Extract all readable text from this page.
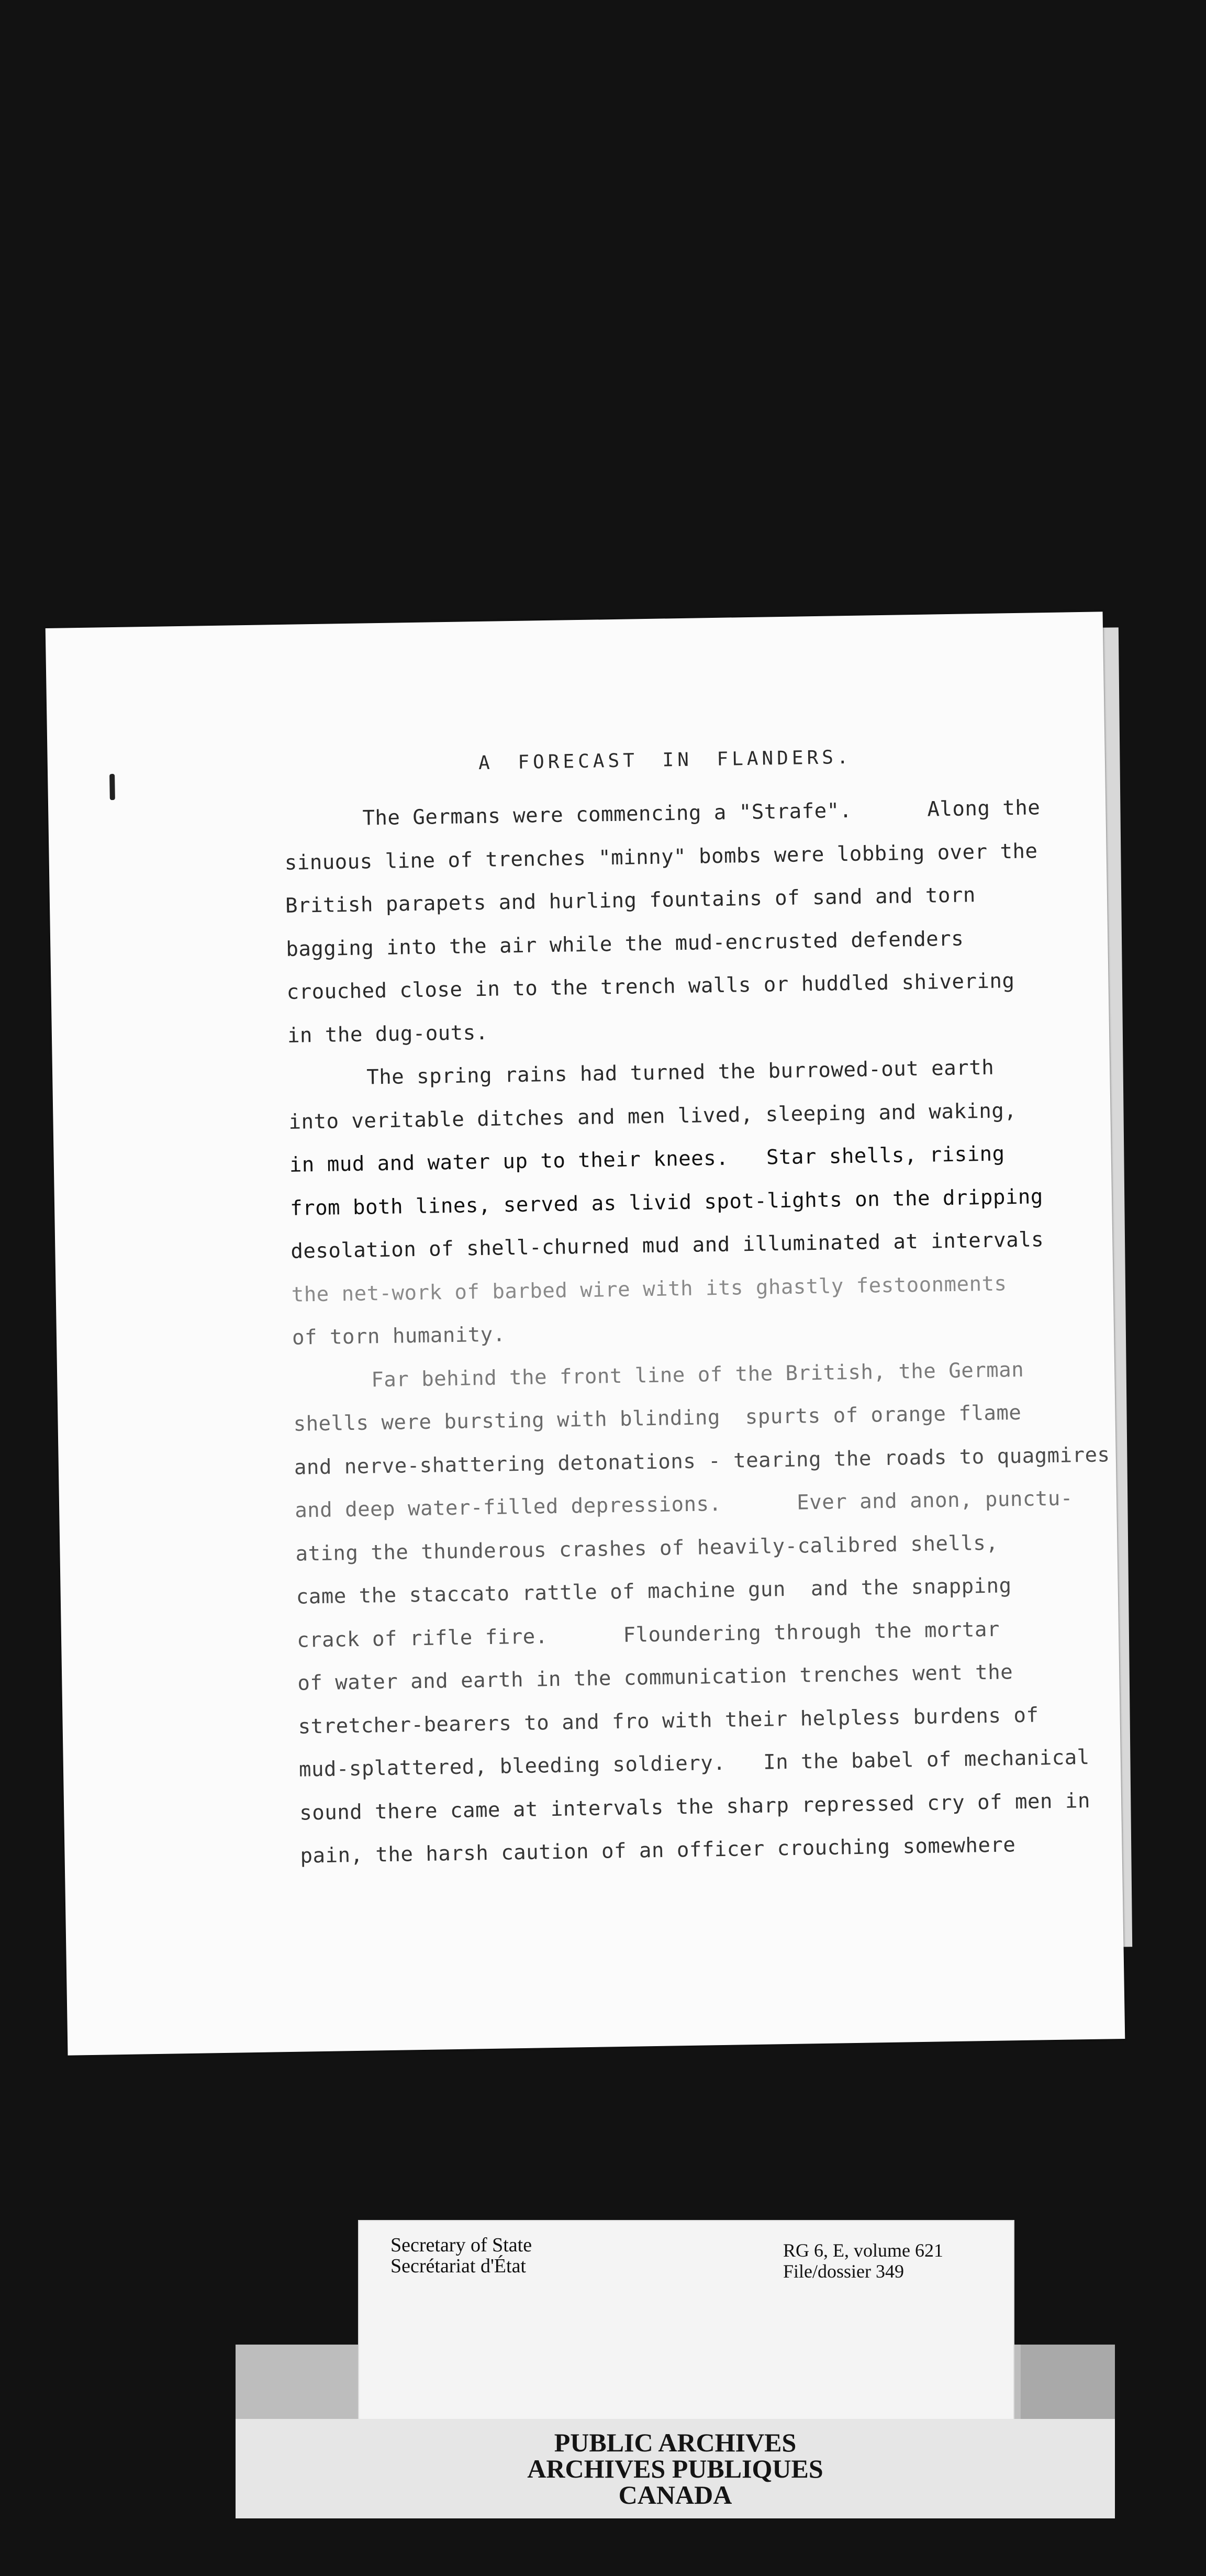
A FORECAST IN FLANDERS.
The Germans were commencing a "Strafe".      Along the
sinuous line of trenches "minny" bombs were lobbing over the
British parapets and hurling fountains of sand and torn
bagging into the air while the mud-encrusted defenders
crouched close in to the trench walls or huddled shivering
in the dug-outs.
The spring rains had turned the burrowed-out earth
into veritable ditches and men lived, sleeping and waking,
in mud and water up to their knees.   Star shells, rising
from both lines, served as livid spot-lights on the dripping
desolation of shell-churned mud and illuminated at intervals
the net-work of barbed wire with its ghastly festoonments
of torn humanity.
Far behind the front line of the British, the German
shells were bursting with blinding  spurts of orange flame
and nerve-shattering detonations - tearing the roads to quagmires
and deep water-filled depressions.      Ever and anon, punctu-
ating the thunderous crashes of heavily-calibred shells,
came the staccato rattle of machine gun  and the snapping
crack of rifle fire.      Floundering through the mortar
of water and earth in the communication trenches went the
stretcher-bearers to and fro with their helpless burdens of
mud-splattered, bleeding soldiery.   In the babel of mechanical
sound there came at intervals the sharp repressed cry of men in
pain, the harsh caution of an officer crouching somewhere
Secretary of State
Secrétariat d'État
RG 6, E, volume 621
File/dossier 349
PUBLIC ARCHIVES
ARCHIVES PUBLIQUES
CANADA
